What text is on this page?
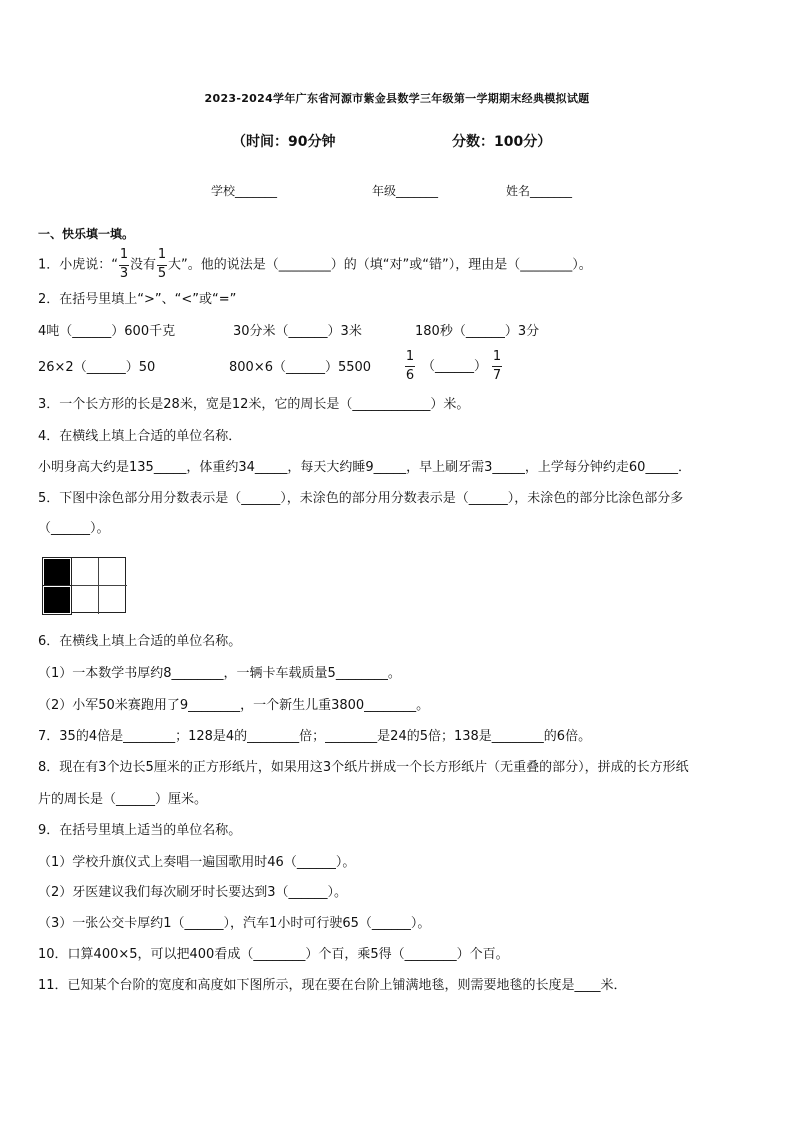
2023-2024学年广东省河源市紫金县数学三年级第一学期期末经典模拟试题
（时间：90分钟	分数：100分）
学校_______	年级_______	姓名_______
一、快乐填一填。
1．小虎说：“ $\frac{1}{3}$ 没有 $\frac{1}{5}$ 大”。他的说法是（________）的（填“对”或“错”），理由是（________）。
2．在括号里填上“>”、“<”或“=”
4吨（______）600千克	30分米（______）3米	180秒（______）3分
26×2（______）50	800×6（______）5500	$\frac{1}{6}$ （______） $\frac{1}{7}$
3．一个长方形的长是28米，宽是12米，它的周长是（____________）米。
4．在横线上填上合适的单位名称．
小明身高大约是135_____，体重约34_____，每天大约睡9_____，早上刷牙需3_____，上学每分钟约走60_____．
5．下图中涂色部分用分数表示是（______），未涂色的部分用分数表示是（______），未涂色的部分比涂色部分多
（______）。
6．在横线上填上合适的单位名称。
（1）一本数学书厚约8________，一辆卡车载质量5________。
（2）小军50米赛跑用了9________，一个新生儿重3800________。
7．35的4倍是________；128是4的________倍；________是24的5倍；138是________的6倍。
8．现在有3个边长5厘米的正方形纸片，如果用这3个纸片拼成一个长方形纸片（无重叠的部分），拼成的长方形纸
片的周长是（______）厘米。
9．在括号里填上适当的单位名称。
（1）学校升旗仪式上奏唱一遍国歌用时46（______）。
（2）牙医建议我们每次刷牙时长要达到3（______）。
（3）一张公交卡厚约1（______），汽车1小时可行驶65（______）。
10．口算400×5，可以把400看成（________）个百，乘5得（________）个百。
11．已知某个台阶的宽度和高度如下图所示，现在要在台阶上铺满地毯，则需要地毯的长度是____米．
